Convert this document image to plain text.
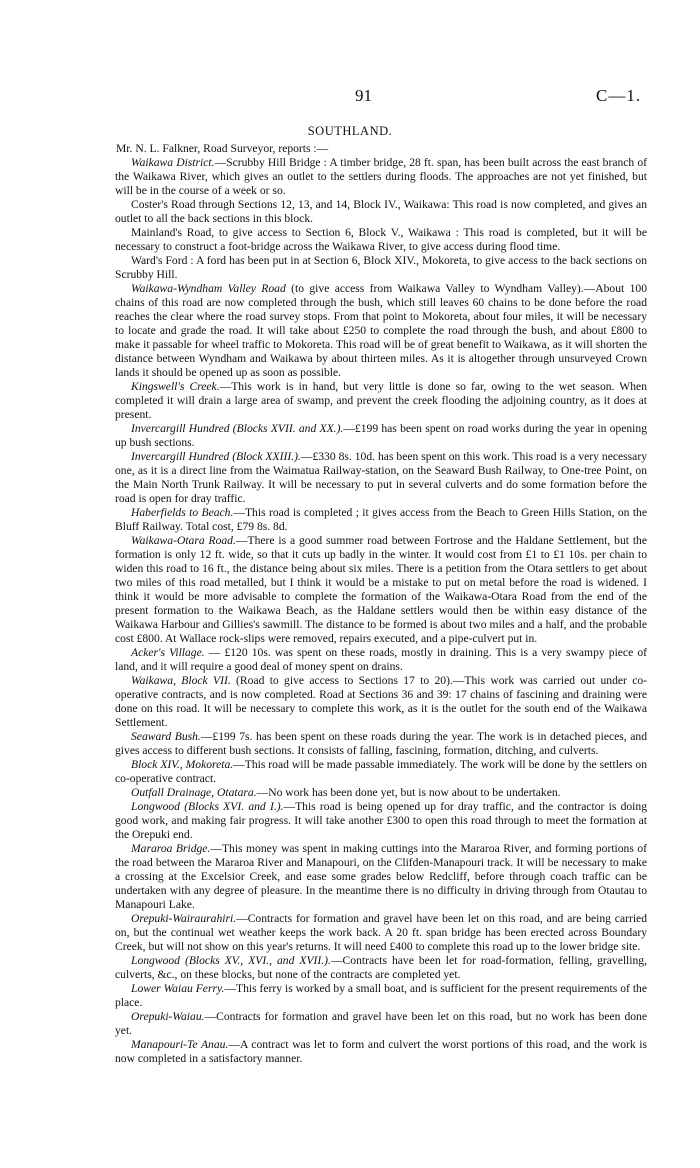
91	C—1.
SOUTHLAND.

Mr. N. L. Falkner, Road Surveyor, reports :—

Waikawa District.—Scrubby Hill Bridge : A timber bridge, 28 ft. span, has been built across the east branch of the Waikawa River, which gives an outlet to the settlers during floods. The approaches are not yet finished, but will be in the course of a week or so.

Coster's Road through Sections 12, 13, and 14, Block IV., Waikawa: This road is now completed, and gives an outlet to all the back sections in this block.

Mainland's Road, to give access to Section 6, Block V., Waikawa : This road is completed, but it will be necessary to construct a foot-bridge across the Waikawa River, to give access during flood time.

Ward's Ford : A ford has been put in at Section 6, Block XIV., Mokoreta, to give access to the back sections on Scrubby Hill.

Waikawa-Wyndham Valley Road (to give access from Waikawa Valley to Wyndham Valley).—About 100 chains of this road are now completed through the bush, which still leaves 60 chains to be done before the road reaches the clear where the road survey stops. From that point to Mokoreta, about four miles, it will be necessary to locate and grade the road. It will take about £250 to complete the road through the bush, and about £800 to make it passable for wheel traffic to Mokoreta. This road will be of great benefit to Waikawa, as it will shorten the distance between Wyndham and Waikawa by about thirteen miles. As it is altogether through unsurveyed Crown lands it should be opened up as soon as possible.

Kingswell's Creek.—This work is in hand, but very little is done so far, owing to the wet season. When completed it will drain a large area of swamp, and prevent the creek flooding the adjoining country, as it does at present.

Invercargill Hundred (Blocks XVII. and XX.).—£199 has been spent on road works during the year in opening up bush sections.

Invercargill Hundred (Block XXIII.).—£330 8s. 10d. has been spent on this work. This road is a very necessary one, as it is a direct line from the Waimatua Railway-station, on the Seaward Bush Railway, to One-tree Point, on the Main North Trunk Railway. It will be necessary to put in several culverts and do some formation before the road is open for dray traffic.

Haberfields to Beach.—This road is completed ; it gives access from the Beach to Green Hills Station, on the Bluff Railway. Total cost, £79 8s. 8d.

Waikawa-Otara Road.—There is a good summer road between Fortrose and the Haldane Settlement, but the formation is only 12 ft. wide, so that it cuts up badly in the winter. It would cost from £1 to £1 10s. per chain to widen this road to 16 ft., the distance being about six miles. There is a petition from the Otara settlers to get about two miles of this road metalled, but I think it would be a mistake to put on metal before the road is widened. I think it would be more advisable to complete the formation of the Waikawa-Otara Road from the end of the present formation to the Waikawa Beach, as the Haldane settlers would then be within easy distance of the Waikawa Harbour and Gillies's sawmill. The distance to be formed is about two miles and a half, and the probable cost £800. At Wallace rock-slips were removed, repairs executed, and a pipe-culvert put in.

Acker's Village. — £120 10s. was spent on these roads, mostly in draining. This is a very swampy piece of land, and it will require a good deal of money spent on drains.

Waikawa, Block VII. (Road to give access to Sections 17 to 20).—This work was carried out under co-operative contracts, and is now completed. Road at Sections 36 and 39: 17 chains of fascining and draining were done on this road. It will be necessary to complete this work, as it is the outlet for the south end of the Waikawa Settlement.

Seaward Bush.—£199 7s. has been spent on these roads during the year. The work is in detached pieces, and gives access to different bush sections. It consists of falling, fascining, formation, ditching, and culverts.

Block XIV., Mokoreta.—This road will be made passable immediately. The work will be done by the settlers on co-operative contract.

Outfall Drainage, Otatara.—No work has been done yet, but is now about to be undertaken.

Longwood (Blocks XVI. and I.).—This road is being opened up for dray traffic, and the contractor is doing good work, and making fair progress. It will take another £300 to open this road through to meet the formation at the Orepuki end.

Mararoa Bridge.—This money was spent in making cuttings into the Mararoa River, and forming portions of the road between the Mararoa River and Manapouri, on the Clifden-Manapouri track. It will be necessary to make a crossing at the Excelsior Creek, and ease some grades below Redcliff, before through coach traffic can be undertaken with any degree of pleasure. In the meantime there is no difficulty in driving through from Otautau to Manapouri Lake.

Orepuki-Wairaurahiri.—Contracts for formation and gravel have been let on this road, and are being carried on, but the continual wet weather keeps the work back. A 20 ft. span bridge has been erected across Boundary Creek, but will not show on this year's returns. It will need £400 to complete this road up to the lower bridge site.

Longwood (Blocks XV., XVI., and XVII.).—Contracts have been let for road-formation, felling, gravelling, culverts, &c., on these blocks, but none of the contracts are completed yet.

Lower Waiau Ferry.—This ferry is worked by a small boat, and is sufficient for the present requirements of the place.

Orepuki-Waiau.—Contracts for formation and gravel have been let on this road, but no work has been done yet.

Manapouri-Te Anau.—A contract was let to form and culvert the worst portions of this road, and the work is now completed in a satisfactory manner.
